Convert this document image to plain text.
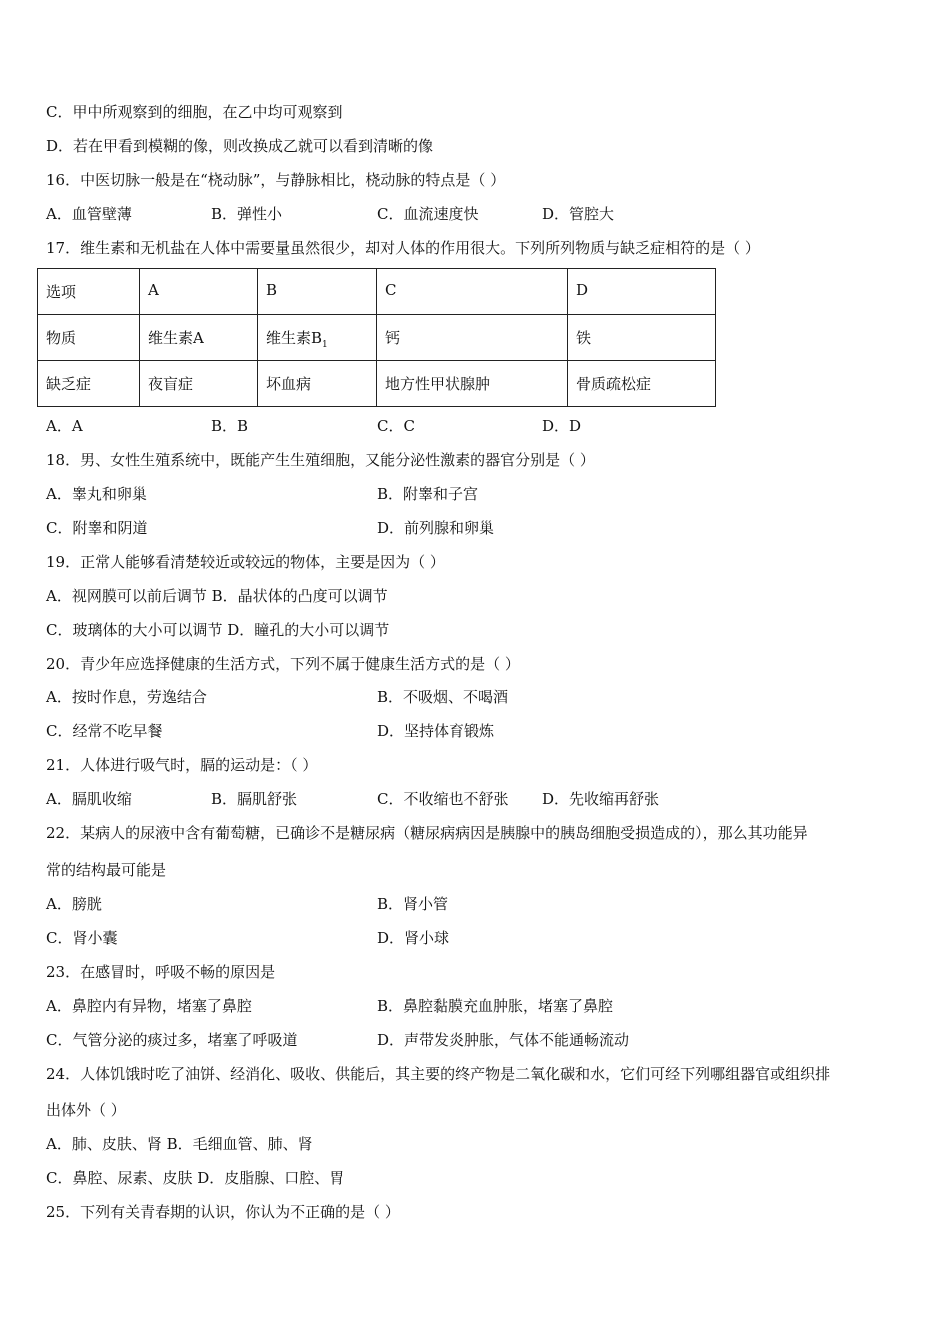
C．甲中所观察到的细胞，在乙中均可观察到
D．若在甲看到模糊的像，则改换成乙就可以看到清晰的像
16．中医切脉一般是在“桡动脉”，与静脉相比，桡动脉的特点是（ ）
A．血管壁薄	B．弹性小	C．血流速度快	D．管腔大
17．维生素和无机盐在人体中需要量虽然很少，却对人体的作用很大。下列所列物质与缺乏症相符的是（ ）
选项	A	B	C	D
物质	维生素A	维生素$B_1$	钙	铁
缺乏症	夜盲症	坏血病	地方性甲状腺肿	骨质疏松症
A．A	B．B	C．C	D．D
18．男、女性生殖系统中，既能产生生殖细胞，又能分泌性激素的器官分别是（ ）
A．睾丸和卵巢	B．附睾和子宫
C．附睾和阴道	D．前列腺和卵巢
19．正常人能够看清楚较近或较远的物体，主要是因为（ ）
A．视网膜可以前后调节 B．晶状体的凸度可以调节
C．玻璃体的大小可以调节 D．瞳孔的大小可以调节
20．青少年应选择健康的生活方式，下列不属于健康生活方式的是（ ）
A．按时作息，劳逸结合	B．不吸烟、不喝酒
C．经常不吃早餐	D．坚持体育锻炼
21．人体进行吸气时，膈的运动是：（ ）
A．膈肌收缩	B．膈肌舒张	C．不收缩也不舒张 D．先收缩再舒张
22．某病人的尿液中含有葡萄糖，已确诊不是糖尿病（糖尿病病因是胰腺中的胰岛细胞受损造成的），那么其功能异
常的结构最可能是
A．膀胱	B．肾小管
C．肾小囊	D．肾小球
23．在感冒时，呼吸不畅的原因是
A．鼻腔内有异物，堵塞了鼻腔	B．鼻腔黏膜充血肿胀，堵塞了鼻腔
C．气管分泌的痰过多，堵塞了呼吸道	D．声带发炎肿胀，气体不能通畅流动
24．人体饥饿时吃了油饼、经消化、吸收、供能后，其主要的终产物是二氧化碳和水，它们可经下列哪组器官或组织排
出体外（ ）
A．肺、皮肤、肾 B．毛细血管、肺、肾
C．鼻腔、尿素、皮肤 D．皮脂腺、口腔、胃
25．下列有关青春期的认识，你认为不正确的是（ ）
